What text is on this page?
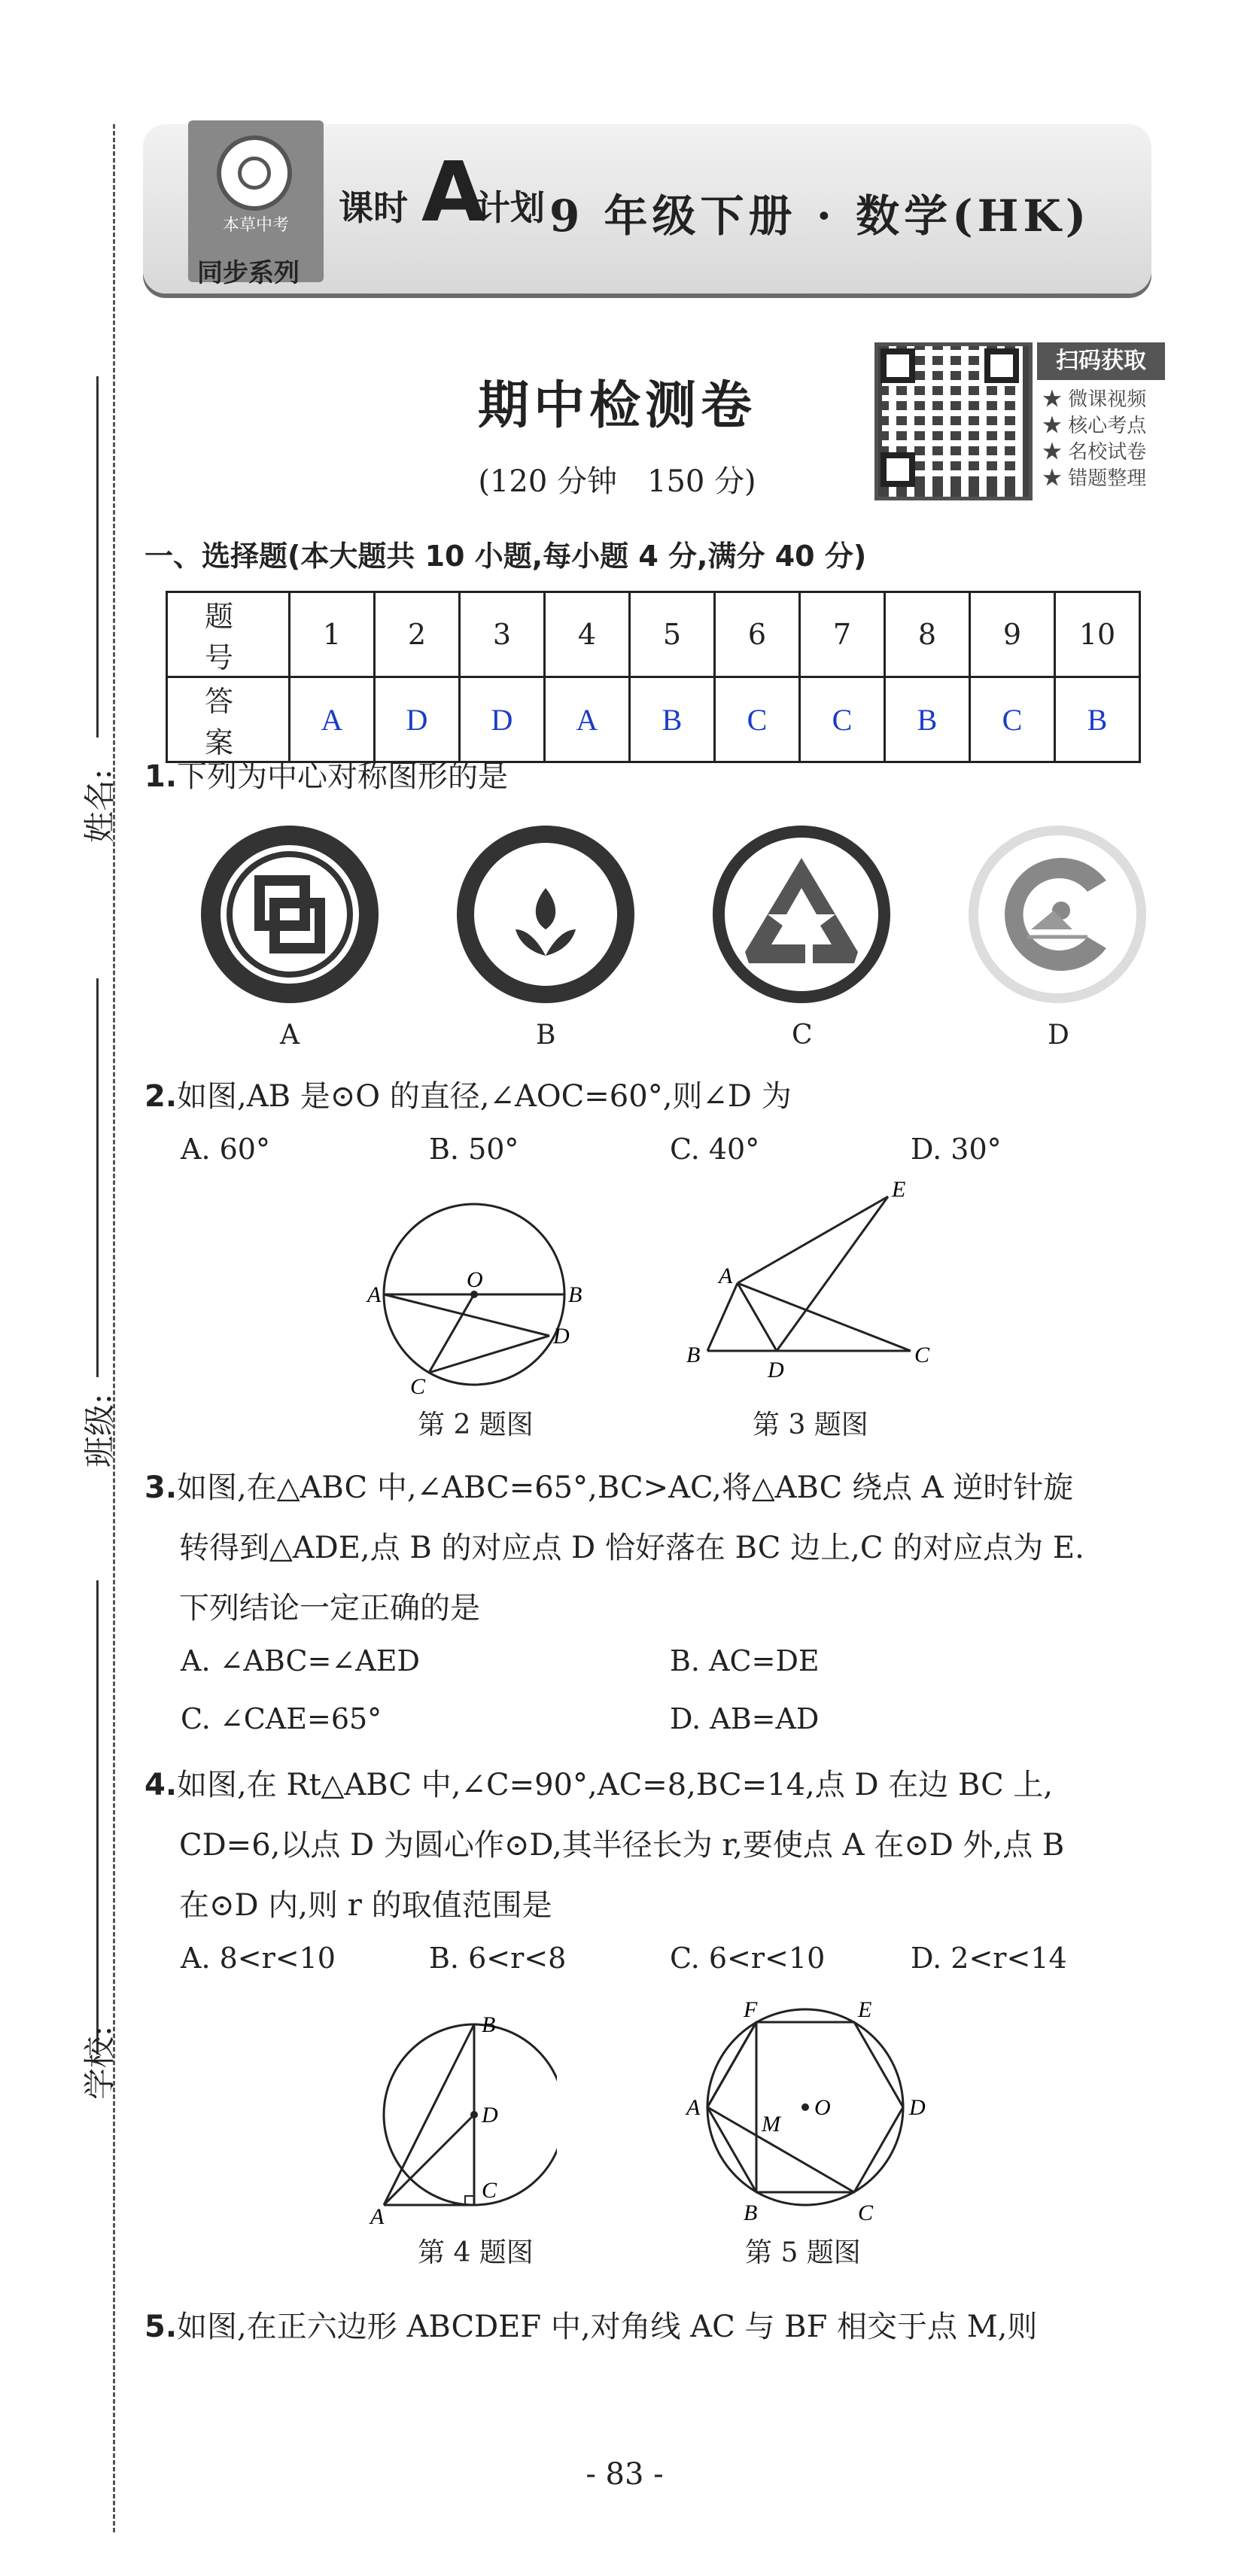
姓名:
班级:
学校:
本草中考
同步系列
课时 A
计划 9 年级下册 · 数学(HK)
期中检测卷
(120 分钟　150 分)
扫码获取
★ 微课视频
★ 核心考点
★ 名校试卷
★ 错题整理
一、选择题(本大题共 10 小题,每小题 4 分,满分 40 分)
题　号	1	2	3	4	5	6	7	8	9	10
答　案	A	D	D	A	B	C	C	B	C	B
1.下列为中心对称图形的是
A	B	C	D
2.如图,AB 是⊙O 的直径,∠AOC=60°,则∠D 为
A. 60°	B. 50°	C. 40°	D. 30°
A	B
O
D
C
A
B
D
C
E
第 2 题图	第 3 题图
3.如图,在△ABC 中,∠ABC=65°,BC>AC,将△ABC 绕点 A 逆时针旋
转得到△ADE,点 B 的对应点 D 恰好落在 BC 边上,C 的对应点为 E.
下列结论一定正确的是
A. ∠ABC=∠AED	B. AC=DE
C. ∠CAE=65°	D. AB=AD
4.如图,在 Rt△ABC 中,∠C=90°,AC=8,BC=14,点 D 在边 BC 上,
CD=6,以点 D 为圆心作⊙D,其半径长为 r,要使点 A 在⊙D 外,点 B
在⊙D 内,则 r 的取值范围是
A. 8<r<10	B. 6<r<8	C. 6<r<10	D. 2<r<14
B
D
C
A
F	E
A	D
O
M
B	C
第 4 题图	第 5 题图
5.如图,在正六边形 ABCDEF 中,对角线 AC 与 BF 相交于点 M,则
- 83 -
